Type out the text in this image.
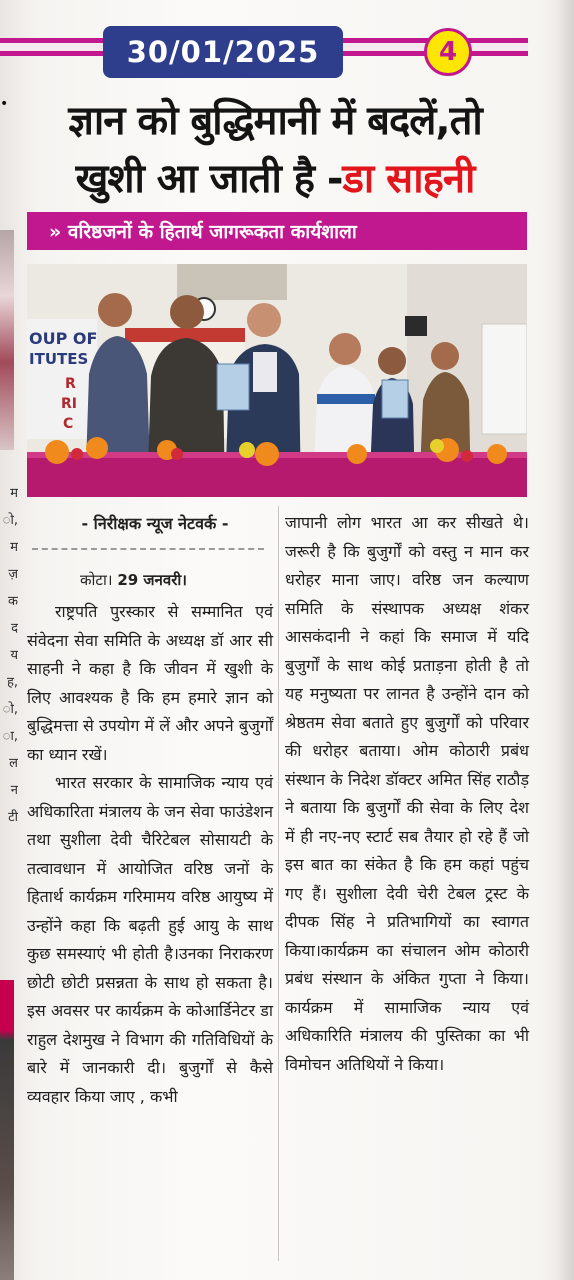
•
म
ो,
म
ज़
क
द
य
ह,
ो,
ा,
ल
न
टी
30/01/2025	4
ज्ञान को बुद्धिमानी में बदलें,तो
खुशी आ जाती है -डा साहनी
» वरिष्ठजनों के हितार्थ जागरूकता कार्यशाला
OUP OF
ITUTES
R
RI
C
- निरीक्षक न्यूज नेटवर्क -
कोटा। 29 जनवरी।

राष्ट्रपति पुरस्कार से सम्मानित एवं संवेदना सेवा समिति के अध्यक्ष डॉ आर सी साहनी ने कहा है कि जीवन में खुशी के लिए आवश्यक है कि हम हमारे ज्ञान को बुद्धिमत्ता से उपयोग में लें और अपने बुजुर्गों का ध्यान रखें।

भारत सरकार के सामाजिक न्याय एवं अधिकारिता मंत्रालय के जन सेवा फाउंडेशन तथा सुशीला देवी चैरिटेबल सोसायटी के तत्वावधान में आयोजित वरिष्ठ जनों के हितार्थ कार्यक्रम गरिमामय वरिष्ठ आयुष्य में उन्होंने कहा कि बढ़ती हुई आयु के साथ कुछ समस्याएं भी होती है।उनका निराकरण छोटी छोटी प्रसन्नता के साथ हो सकता है। इस अवसर पर कार्यक्रम के कोआर्डिनेटर डा राहुल देशमुख ने विभाग की गतिविधियों के बारे में जानकारी दी। बुजुर्गों से कैसे व्यवहार किया जाए , कभी

जापानी लोग भारत आ कर सीखते थे। जरूरी है कि बुजुर्गों को वस्तु न मान कर धरोहर माना जाए। वरिष्ठ जन कल्याण समिति के संस्थापक अध्यक्ष शंकर आसकंदानी ने कहां कि समाज में यदि बुजुर्गों के साथ कोई प्रताड़ना होती है तो यह मनुष्यता पर लानत है उन्होंने दान को श्रेष्ठतम सेवा बताते हुए बुजुर्गों को परिवार की धरोहर बताया। ओम कोठारी प्रबंध संस्थान के निदेश डॉक्टर अमित सिंह राठौड़ ने बताया कि बुजुर्गों की सेवा के लिए देश में ही नए-नए स्टार्ट सब तैयार हो रहे हैं जो इस बात का संकेत है कि हम कहां पहुंच गए हैं। सुशीला देवी चेरी टेबल ट्रस्ट के दीपक सिंह ने प्रतिभागियों का स्वागत किया।कार्यक्रम का संचालन ओम कोठारी प्रबंध संस्थान के अंकित गुप्ता ने किया। कार्यक्रम में सामाजिक न्याय एवं अधिकारिति मंत्रालय की पुस्तिका का भी विमोचन अतिथियों ने किया।
